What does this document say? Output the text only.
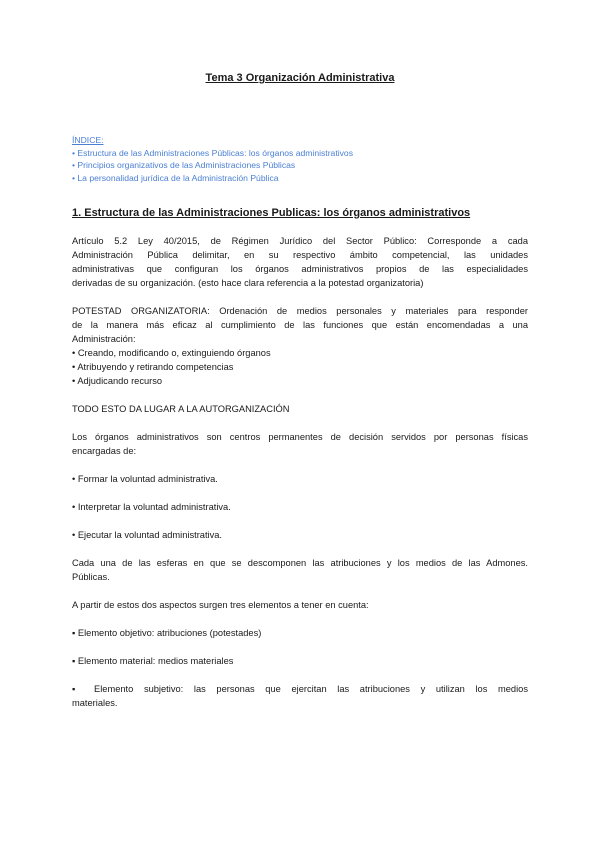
Tema 3 Organización Administrativa
ÍNDICE:
• Estructura de las Administraciones Públicas: los órganos administrativos
• Principios organizativos de las Administraciones Públicas
• La personalidad jurídica de la Administración Pública
1. Estructura de las Administraciones Publicas: los órganos administrativos
Artículo 5.2 Ley 40/2015, de Régimen Jurídico del Sector Público: Corresponde a cada
Administración Pública delimitar, en su respectivo ámbito competencial, las unidades
administrativas que configuran los órganos administrativos propios de las especialidades
derivadas de su organización. (esto hace clara referencia a la potestad organizatoria)
POTESTAD ORGANIZATORIA: Ordenación de medios personales y materiales para responder
de la manera más eficaz al cumplimiento de las funciones que están encomendadas a una
Administración:
• Creando, modificando o, extinguiendo órganos
• Atribuyendo y retirando competencias
• Adjudicando recurso
TODO ESTO DA LUGAR A LA AUTORGANIZACIÓN
Los órganos administrativos son centros permanentes de decisión servidos por personas físicas
encargadas de:
• Formar la voluntad administrativa.
• Interpretar la voluntad administrativa.
• Ejecutar la voluntad administrativa.
Cada una de las esferas en que se descomponen las atribuciones y los medios de las Admones.
Públicas.
A partir de estos dos aspectos surgen tres elementos a tener en cuenta:
▪ Elemento objetivo: atribuciones (potestades)
▪ Elemento material: medios materiales
▪ Elemento subjetivo: las personas que ejercitan las atribuciones y utilizan los medios
materiales.
